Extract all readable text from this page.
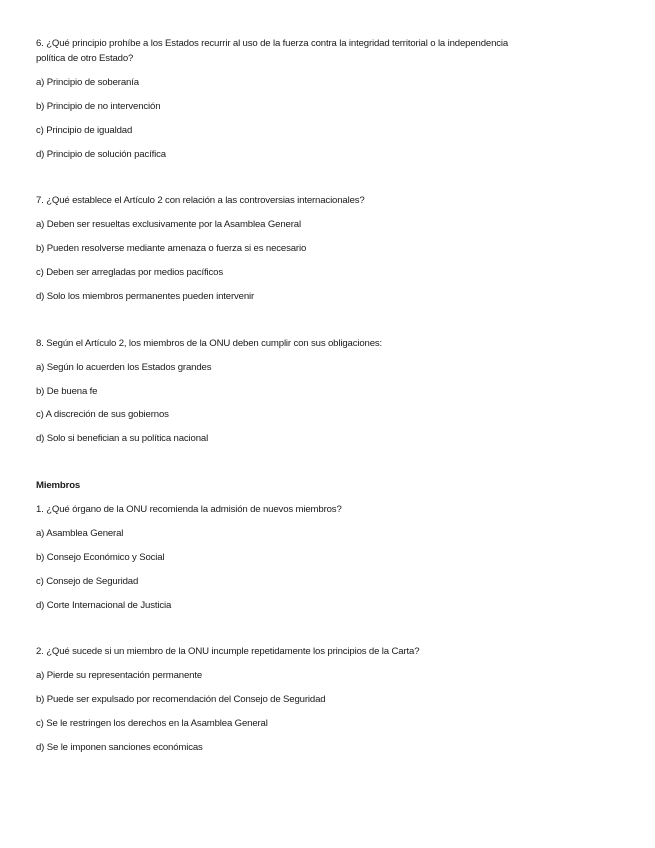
6. ¿Qué principio prohíbe a los Estados recurrir al uso de la fuerza contra la integridad territorial o la independencia política de otro Estado?

a) Principio de soberanía

b) Principio de no intervención

c) Principio de igualdad

d) Principio de solución pacífica

7. ¿Qué establece el Artículo 2 con relación a las controversias internacionales?

a) Deben ser resueltas exclusivamente por la Asamblea General

b) Pueden resolverse mediante amenaza o fuerza si es necesario

c) Deben ser arregladas por medios pacíficos

d) Solo los miembros permanentes pueden intervenir

8. Según el Artículo 2, los miembros de la ONU deben cumplir con sus obligaciones:

a) Según lo acuerden los Estados grandes

b) De buena fe

c) A discreción de sus gobiernos

d) Solo si benefician a su política nacional

Miembros

1. ¿Qué órgano de la ONU recomienda la admisión de nuevos miembros?

a) Asamblea General

b) Consejo Económico y Social

c) Consejo de Seguridad

d) Corte Internacional de Justicia

2. ¿Qué sucede si un miembro de la ONU incumple repetidamente los principios de la Carta?

a) Pierde su representación permanente

b) Puede ser expulsado por recomendación del Consejo de Seguridad

c) Se le restringen los derechos en la Asamblea General

d) Se le imponen sanciones económicas
